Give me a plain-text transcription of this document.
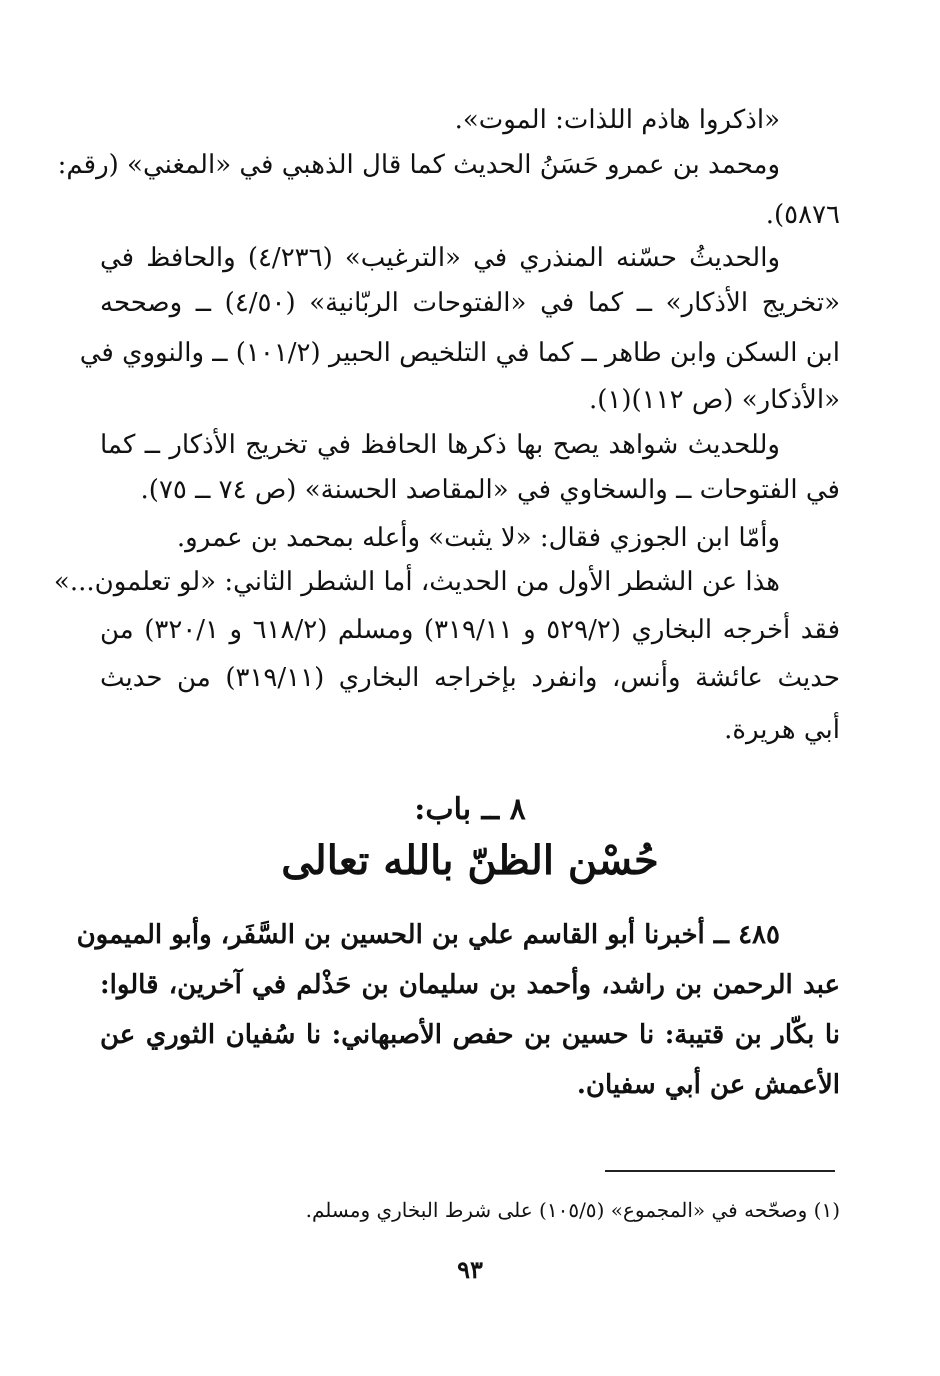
«اذكروا هاذم اللذات: الموت».
ومحمد بن عمرو حَسَنُ الحديث كما قال الذهبي في «المغني» (رقم:
٥٨٧٦).
والحديثُ حسّنه المنذري في «الترغيب» (٤/٢٣٦) والحافظ في
«تخريج الأذكار» ــ كما في «الفتوحات الربّانية» (٤/٥٠) ــ وصححه
ابن السكن وابن طاهر ــ كما في التلخيص الحبير (١٠١/٢) ــ والنووي في
«الأذكار» (ص ١١٢)(١).
وللحديث شواهد يصح بها ذكرها الحافظ في تخريج الأذكار ــ كما
في الفتوحات ــ والسخاوي في «المقاصد الحسنة» (ص ٧٤ ــ ٧٥).
وأمّا ابن الجوزي فقال: «لا يثبت» وأعله بمحمد بن عمرو.
هذا عن الشطر الأول من الحديث، أما الشطر الثاني: «لو تعلمون...»
فقد أخرجه البخاري (٥٢٩/٢ و ٣١٩/١١) ومسلم (٦١٨/٢ و ٣٢٠/١) من
حديث عائشة وأنس، وانفرد بإخراجه البخاري (٣١٩/١١) من حديث
أبي هريرة.
٨ ــ باب:
حُسْن الظنّ بالله تعالى
٤٨٥ ــ أخبرنا أبو القاسم علي بن الحسين بن السَّفَر، وأبو الميمون
عبد الرحمن بن راشد، وأحمد بن سليمان بن حَذْلم في آخرين، قالوا:
نا بكّار بن قتيبة: نا حسين بن حفص الأصبهاني: نا سُفيان الثوري عن
الأعمش عن أبي سفيان.
(١) وصحّحه في «المجموع» (١٠٥/٥) على شرط البخاري ومسلم.
٩٣
